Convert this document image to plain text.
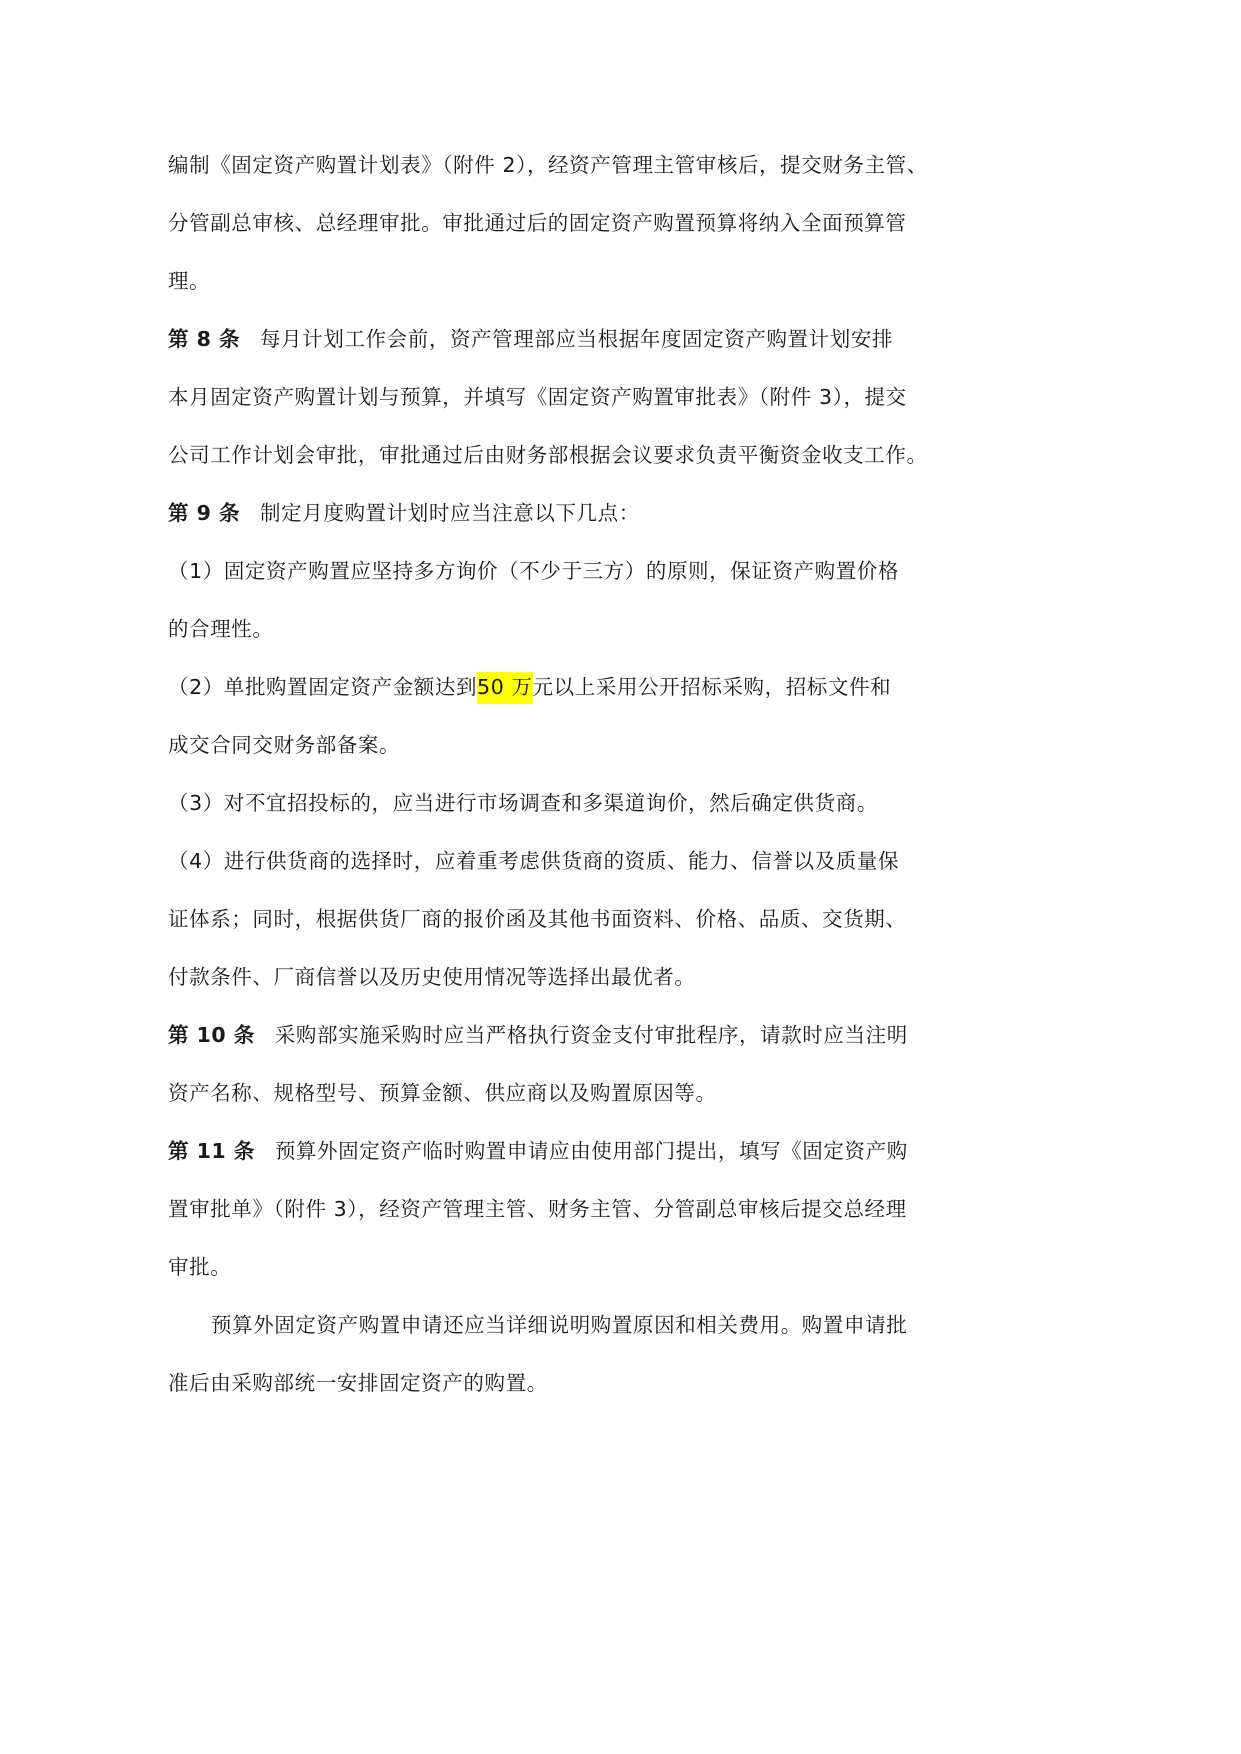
编制《固定资产购置计划表》（附件 2），经资产管理主管审核后，提交财务主管、
分管副总审核、总经理审批。审批通过后的固定资产购置预算将纳入全面预算管
理。
第 8 条 每月计划工作会前，资产管理部应当根据年度固定资产购置计划安排
本月固定资产购置计划与预算，并填写《固定资产购置审批表》（附件 3），提交
公司工作计划会审批，审批通过后由财务部根据会议要求负责平衡资金收支工作。
第 9 条 制定月度购置计划时应当注意以下几点：
（1）固定资产购置应坚持多方询价（不少于三方）的原则，保证资产购置价格
的合理性。
（2）单批购置固定资产金额达到50 万元以上采用公开招标采购，招标文件和
成交合同交财务部备案。
（3）对不宜招投标的，应当进行市场调查和多渠道询价，然后确定供货商。
（4）进行供货商的选择时，应着重考虑供货商的资质、能力、信誉以及质量保
证体系；同时，根据供货厂商的报价函及其他书面资料、价格、品质、交货期、
付款条件、厂商信誉以及历史使用情况等选择出最优者。
第 10 条 采购部实施采购时应当严格执行资金支付审批程序，请款时应当注明
资产名称、规格型号、预算金额、供应商以及购置原因等。
第 11 条 预算外固定资产临时购置申请应由使用部门提出，填写《固定资产购
置审批单》（附件 3），经资产管理主管、财务主管、分管副总审核后提交总经理
审批。
预算外固定资产购置申请还应当详细说明购置原因和相关费用。购置申请批
准后由采购部统一安排固定资产的购置。
